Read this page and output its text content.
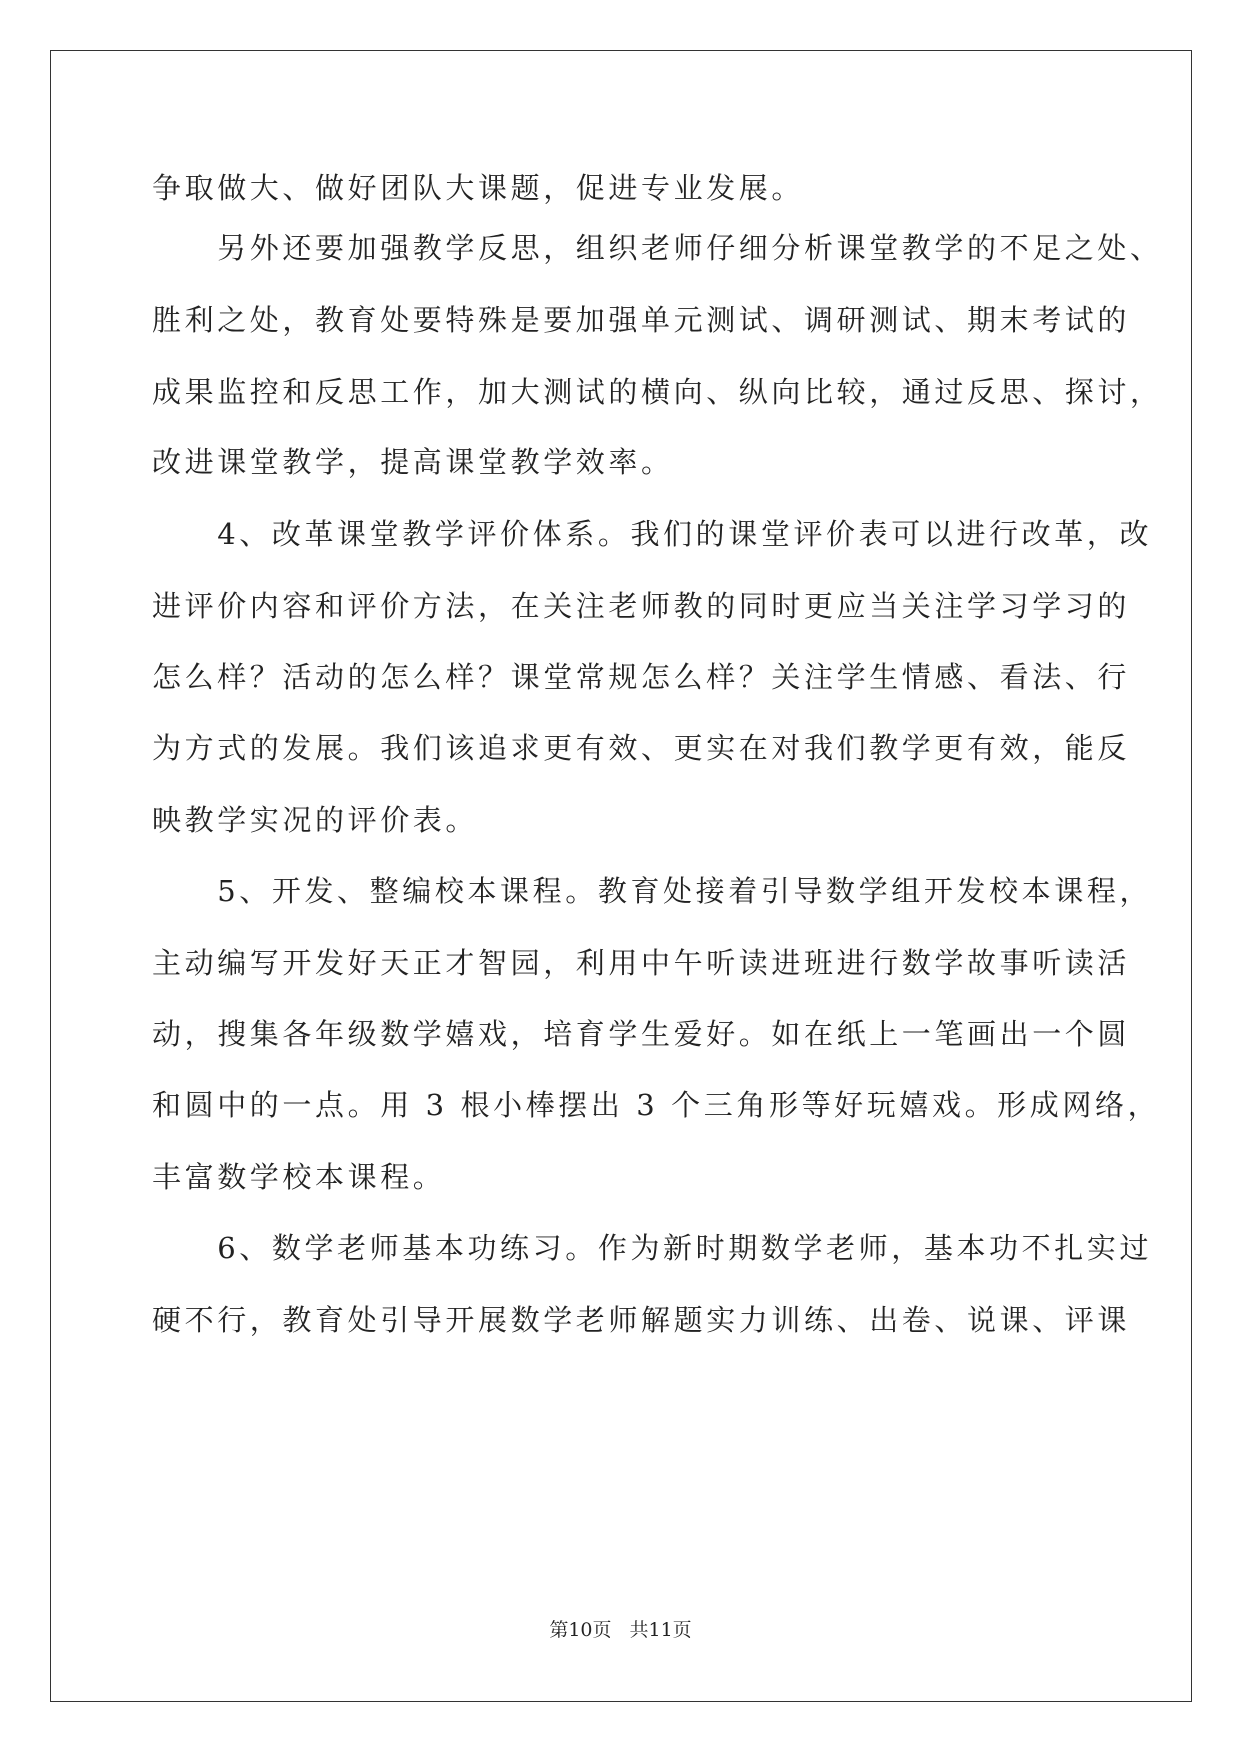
争取做大、做好团队大课题，促进专业发展。
　　另外还要加强教学反思，组织老师仔细分析课堂教学的不足之处、
胜利之处，教育处要特殊是要加强单元测试、调研测试、期末考试的
成果监控和反思工作，加大测试的横向、纵向比较，通过反思、探讨，
改进课堂教学，提高课堂教学效率。
　　4、改革课堂教学评价体系。我们的课堂评价表可以进行改革，改
进评价内容和评价方法，在关注老师教的同时更应当关注学习学习的
怎么样？活动的怎么样？课堂常规怎么样？关注学生情感、看法、行
为方式的发展。我们该追求更有效、更实在对我们教学更有效，能反
映教学实况的评价表。
　　5、开发、整编校本课程。教育处接着引导数学组开发校本课程，
主动编写开发好天正才智园，利用中午听读进班进行数学故事听读活
动，搜集各年级数学嬉戏，培育学生爱好。如在纸上一笔画出一个圆
和圆中的一点。用 3 根小棒摆出 3 个三角形等好玩嬉戏。形成网络，
丰富数学校本课程。
　　6、数学老师基本功练习。作为新时期数学老师，基本功不扎实过
硬不行，教育处引导开展数学老师解题实力训练、出卷、说课、评课
第10页 共11页
